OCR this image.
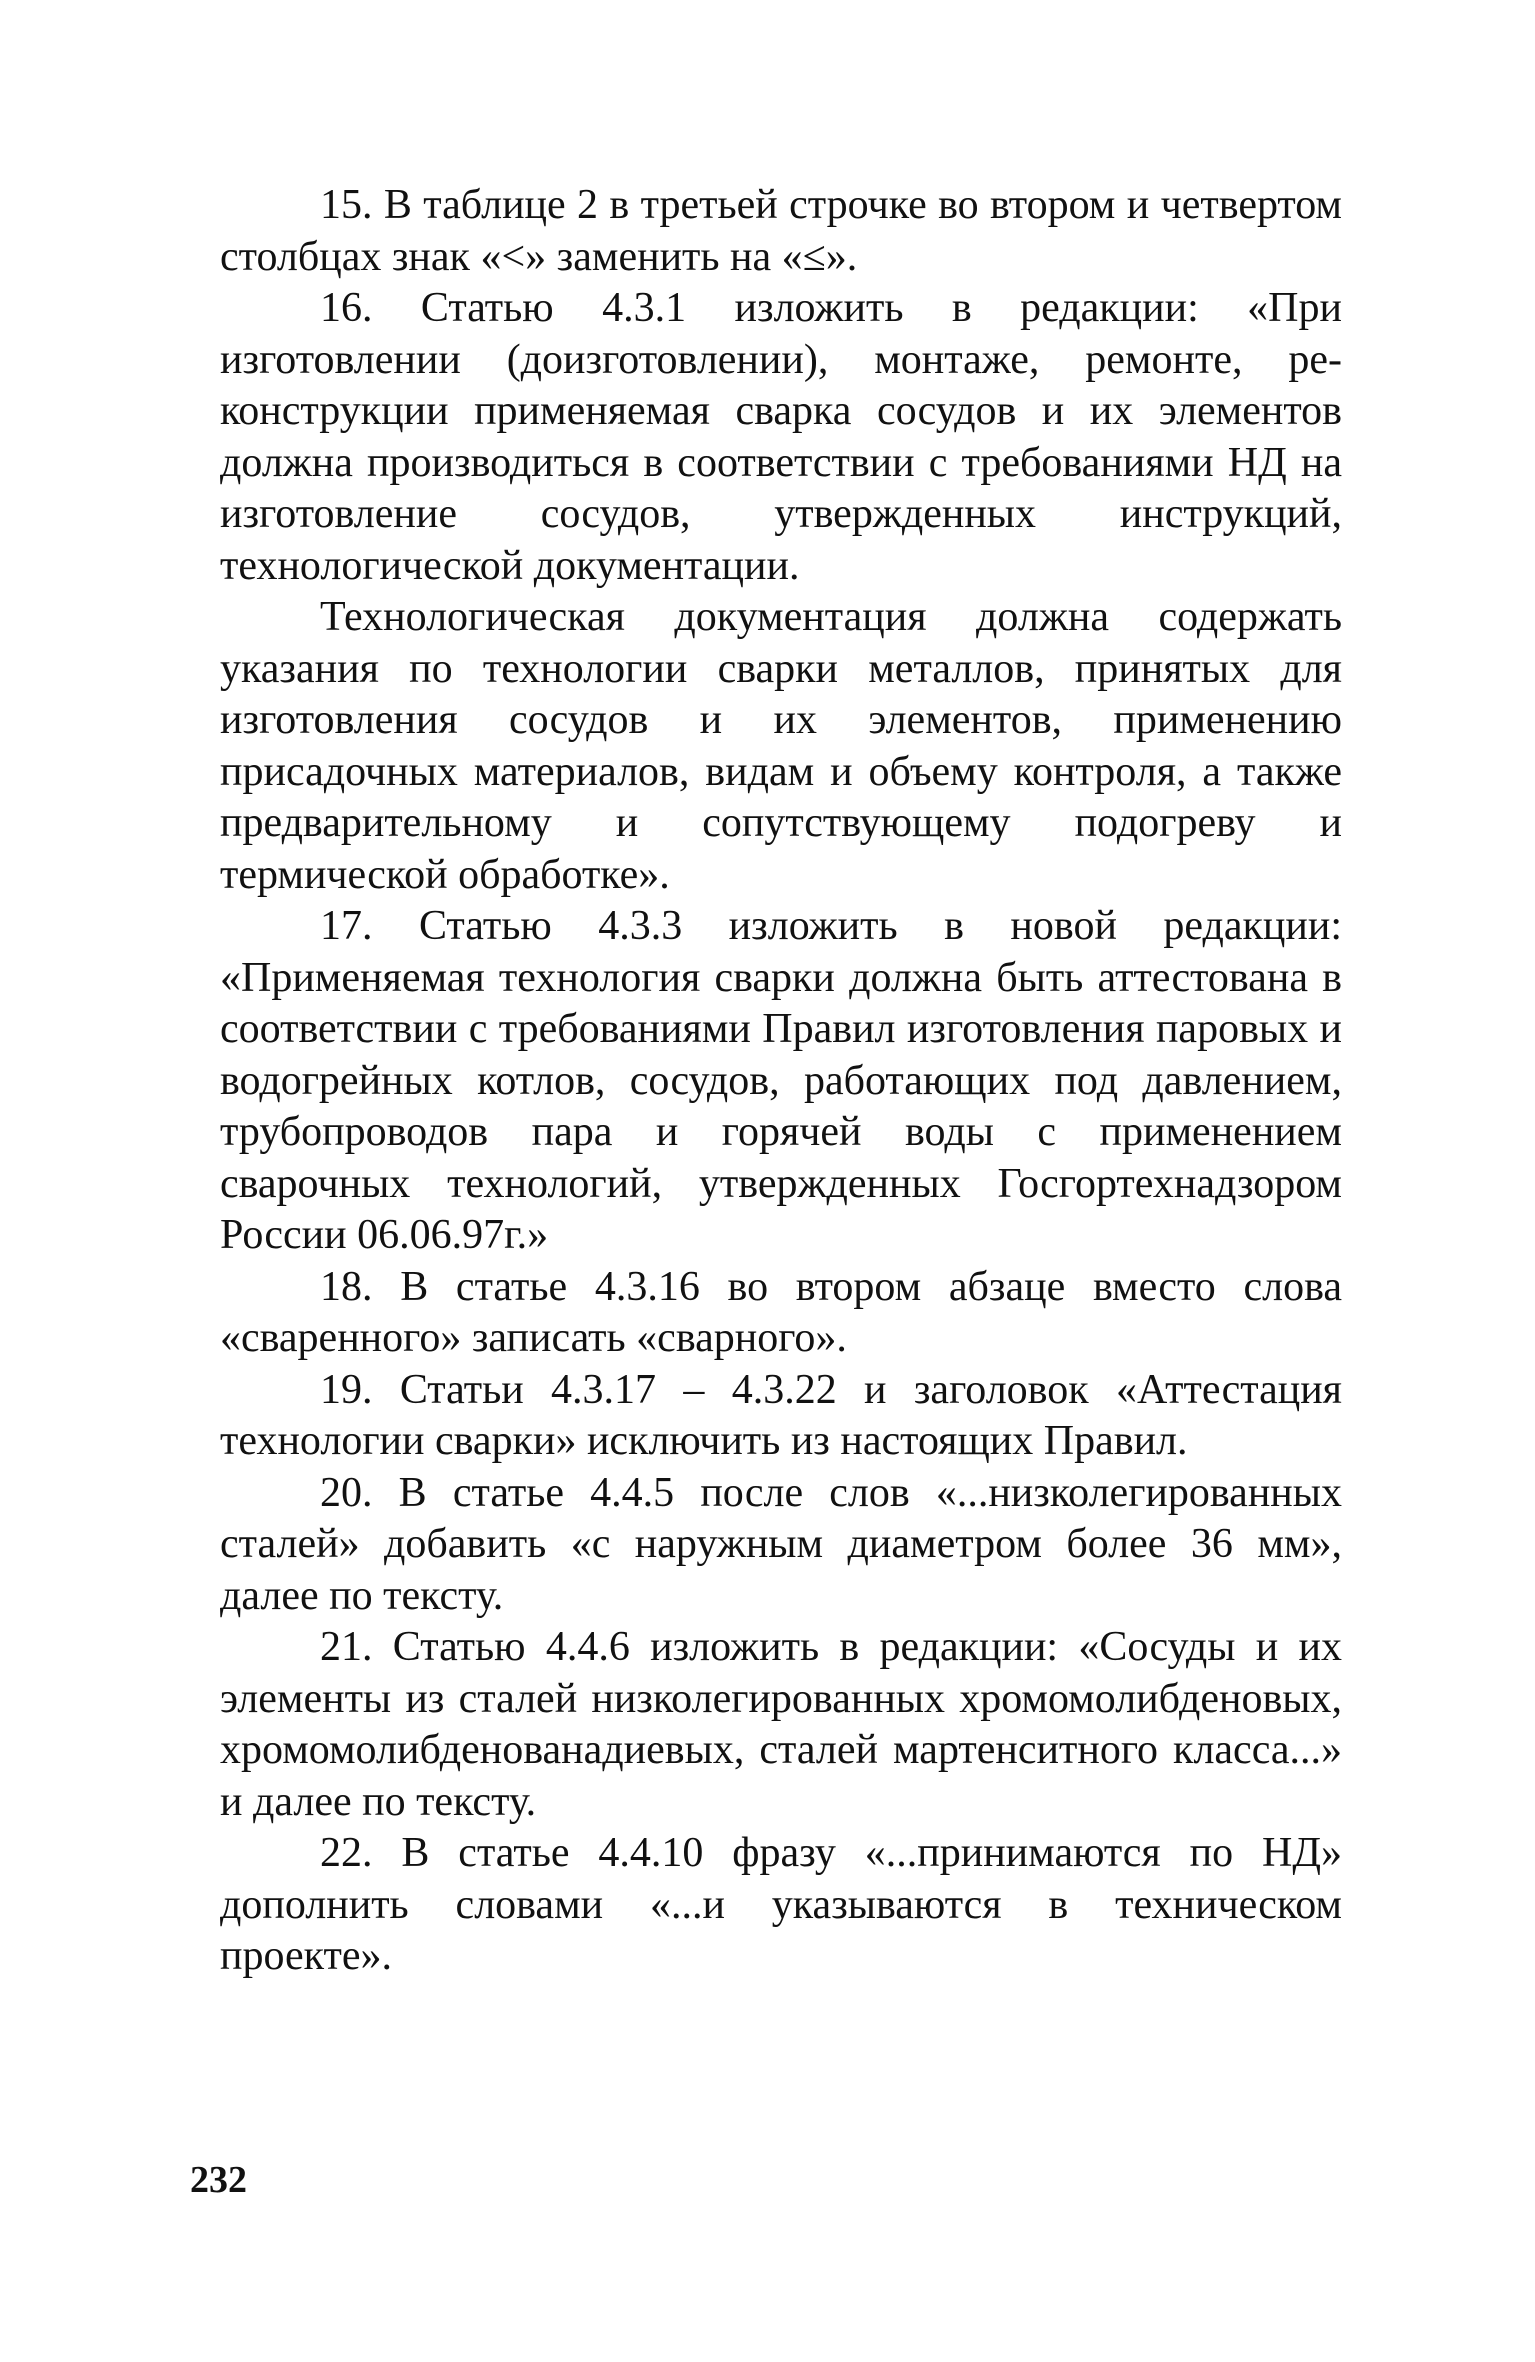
15. В таблице 2 в третьей строчке во втором и четвертом столбцах знак «<» заменить на «≤».

16. Статью 4.3.1 изложить в редакции: «При изготовлении (доизготовлении), монтаже, ремонте, реконструкции применяемая сварка сосудов и их элементов должна производиться в соответствии с требованиями НД на изготовление сосудов, утвержденных инструкций, технологической документации.

Технологическая документация должна содержать указания по технологии сварки металлов, принятых для изготовления сосудов и их элементов, применению присадочных материалов, видам и объему контроля, а также предварительному и сопутствующему подогреву и термической обработке».

17. Статью 4.3.3 изложить в новой редакции: «Применяемая технология сварки должна быть аттестована в соответствии с требованиями Правил изготовления паровых и водогрейных котлов, сосудов, работающих под давлением, трубопроводов пара и горячей воды с применением сварочных технологий, утвержденных Госгортехнадзором России 06.06.97г.»

18. В статье 4.3.16 во втором абзаце вместо слова «сваренного» записать «сварного».

19. Статьи 4.3.17 – 4.3.22 и заголовок «Аттестация технологии сварки» исключить из настоящих Правил.

20. В статье 4.4.5 после слов «...низколегированных сталей» добавить «с наружным диаметром более 36 мм», далее по тексту.

21. Статью 4.4.6 изложить в редакции: «Сосуды и их элементы из сталей низколегированных хромомолибденовых, хромомолибденованадиевых, сталей мартенситного класса...» и далее по тексту.

22. В статье 4.4.10 фразу «...принимаются по НД» дополнить словами «...и указываются в техническом проекте».

232
